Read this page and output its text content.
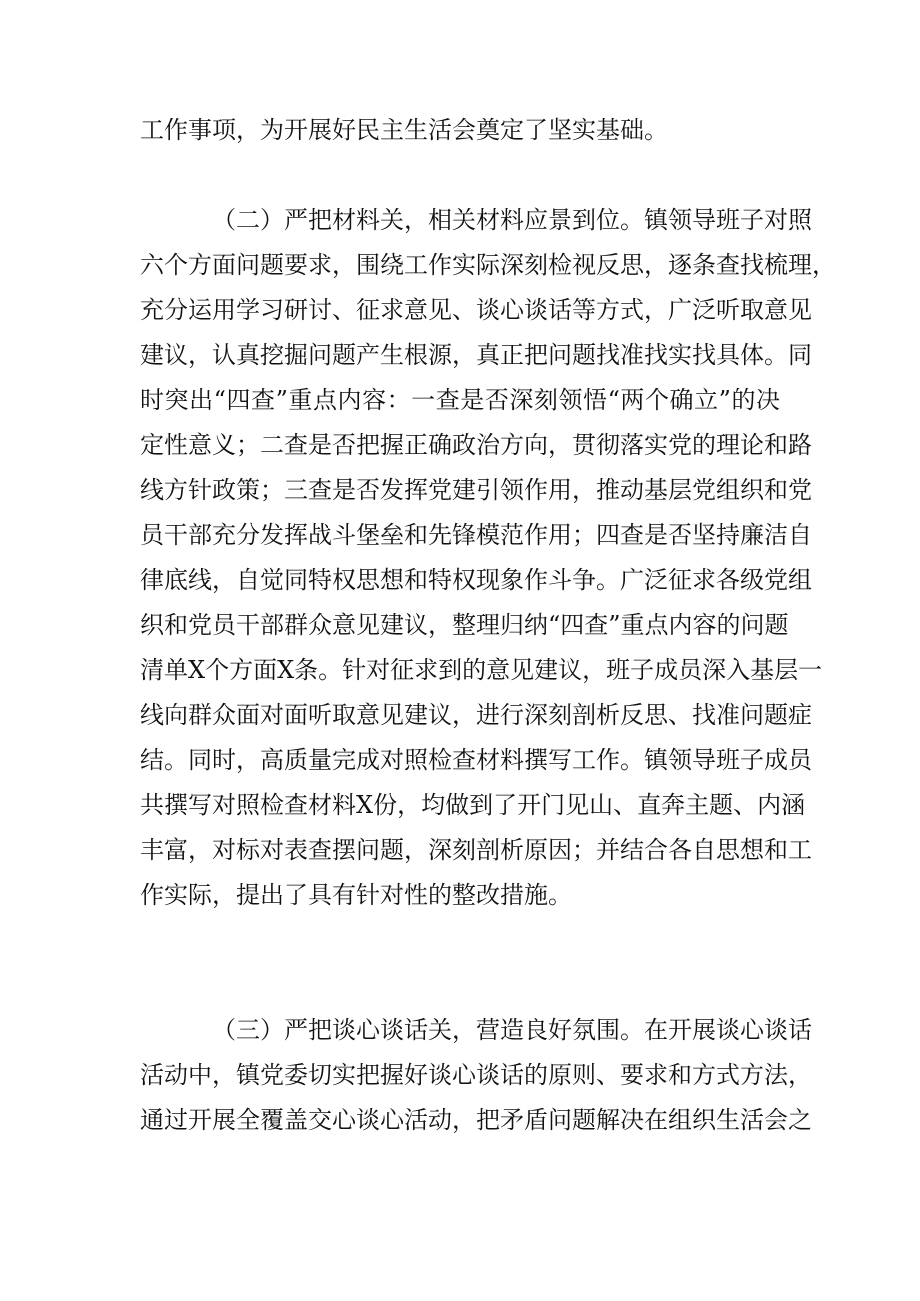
工作事项，为开展好民主生活会奠定了坚实基础。
（二）严把材料关，相关材料应景到位。镇领导班子对照
六个方面问题要求，围绕工作实际深刻检视反思，逐条查找梳理，
充分运用学习研讨、征求意见、谈心谈话等方式，广泛听取意见
建议，认真挖掘问题产生根源，真正把问题找准找实找具体。同
时突出“四查”重点内容：一查是否深刻领悟“两个确立”的决
定性意义；二查是否把握正确政治方向，贯彻落实党的理论和路
线方针政策；三查是否发挥党建引领作用，推动基层党组织和党
员干部充分发挥战斗堡垒和先锋模范作用；四查是否坚持廉洁自
律底线，自觉同特权思想和特权现象作斗争。广泛征求各级党组
织和党员干部群众意见建议，整理归纳“四查”重点内容的问题
清单X个方面X条。针对征求到的意见建议，班子成员深入基层一
线向群众面对面听取意见建议，进行深刻剖析反思、找准问题症
结。同时，高质量完成对照检查材料撰写工作。镇领导班子成员
共撰写对照检查材料X份，均做到了开门见山、直奔主题、内涵
丰富，对标对表查摆问题，深刻剖析原因；并结合各自思想和工
作实际，提出了具有针对性的整改措施。
（三）严把谈心谈话关，营造良好氛围。在开展谈心谈话
活动中，镇党委切实把握好谈心谈话的原则、要求和方式方法，
通过开展全覆盖交心谈心活动，把矛盾问题解决在组织生活会之
